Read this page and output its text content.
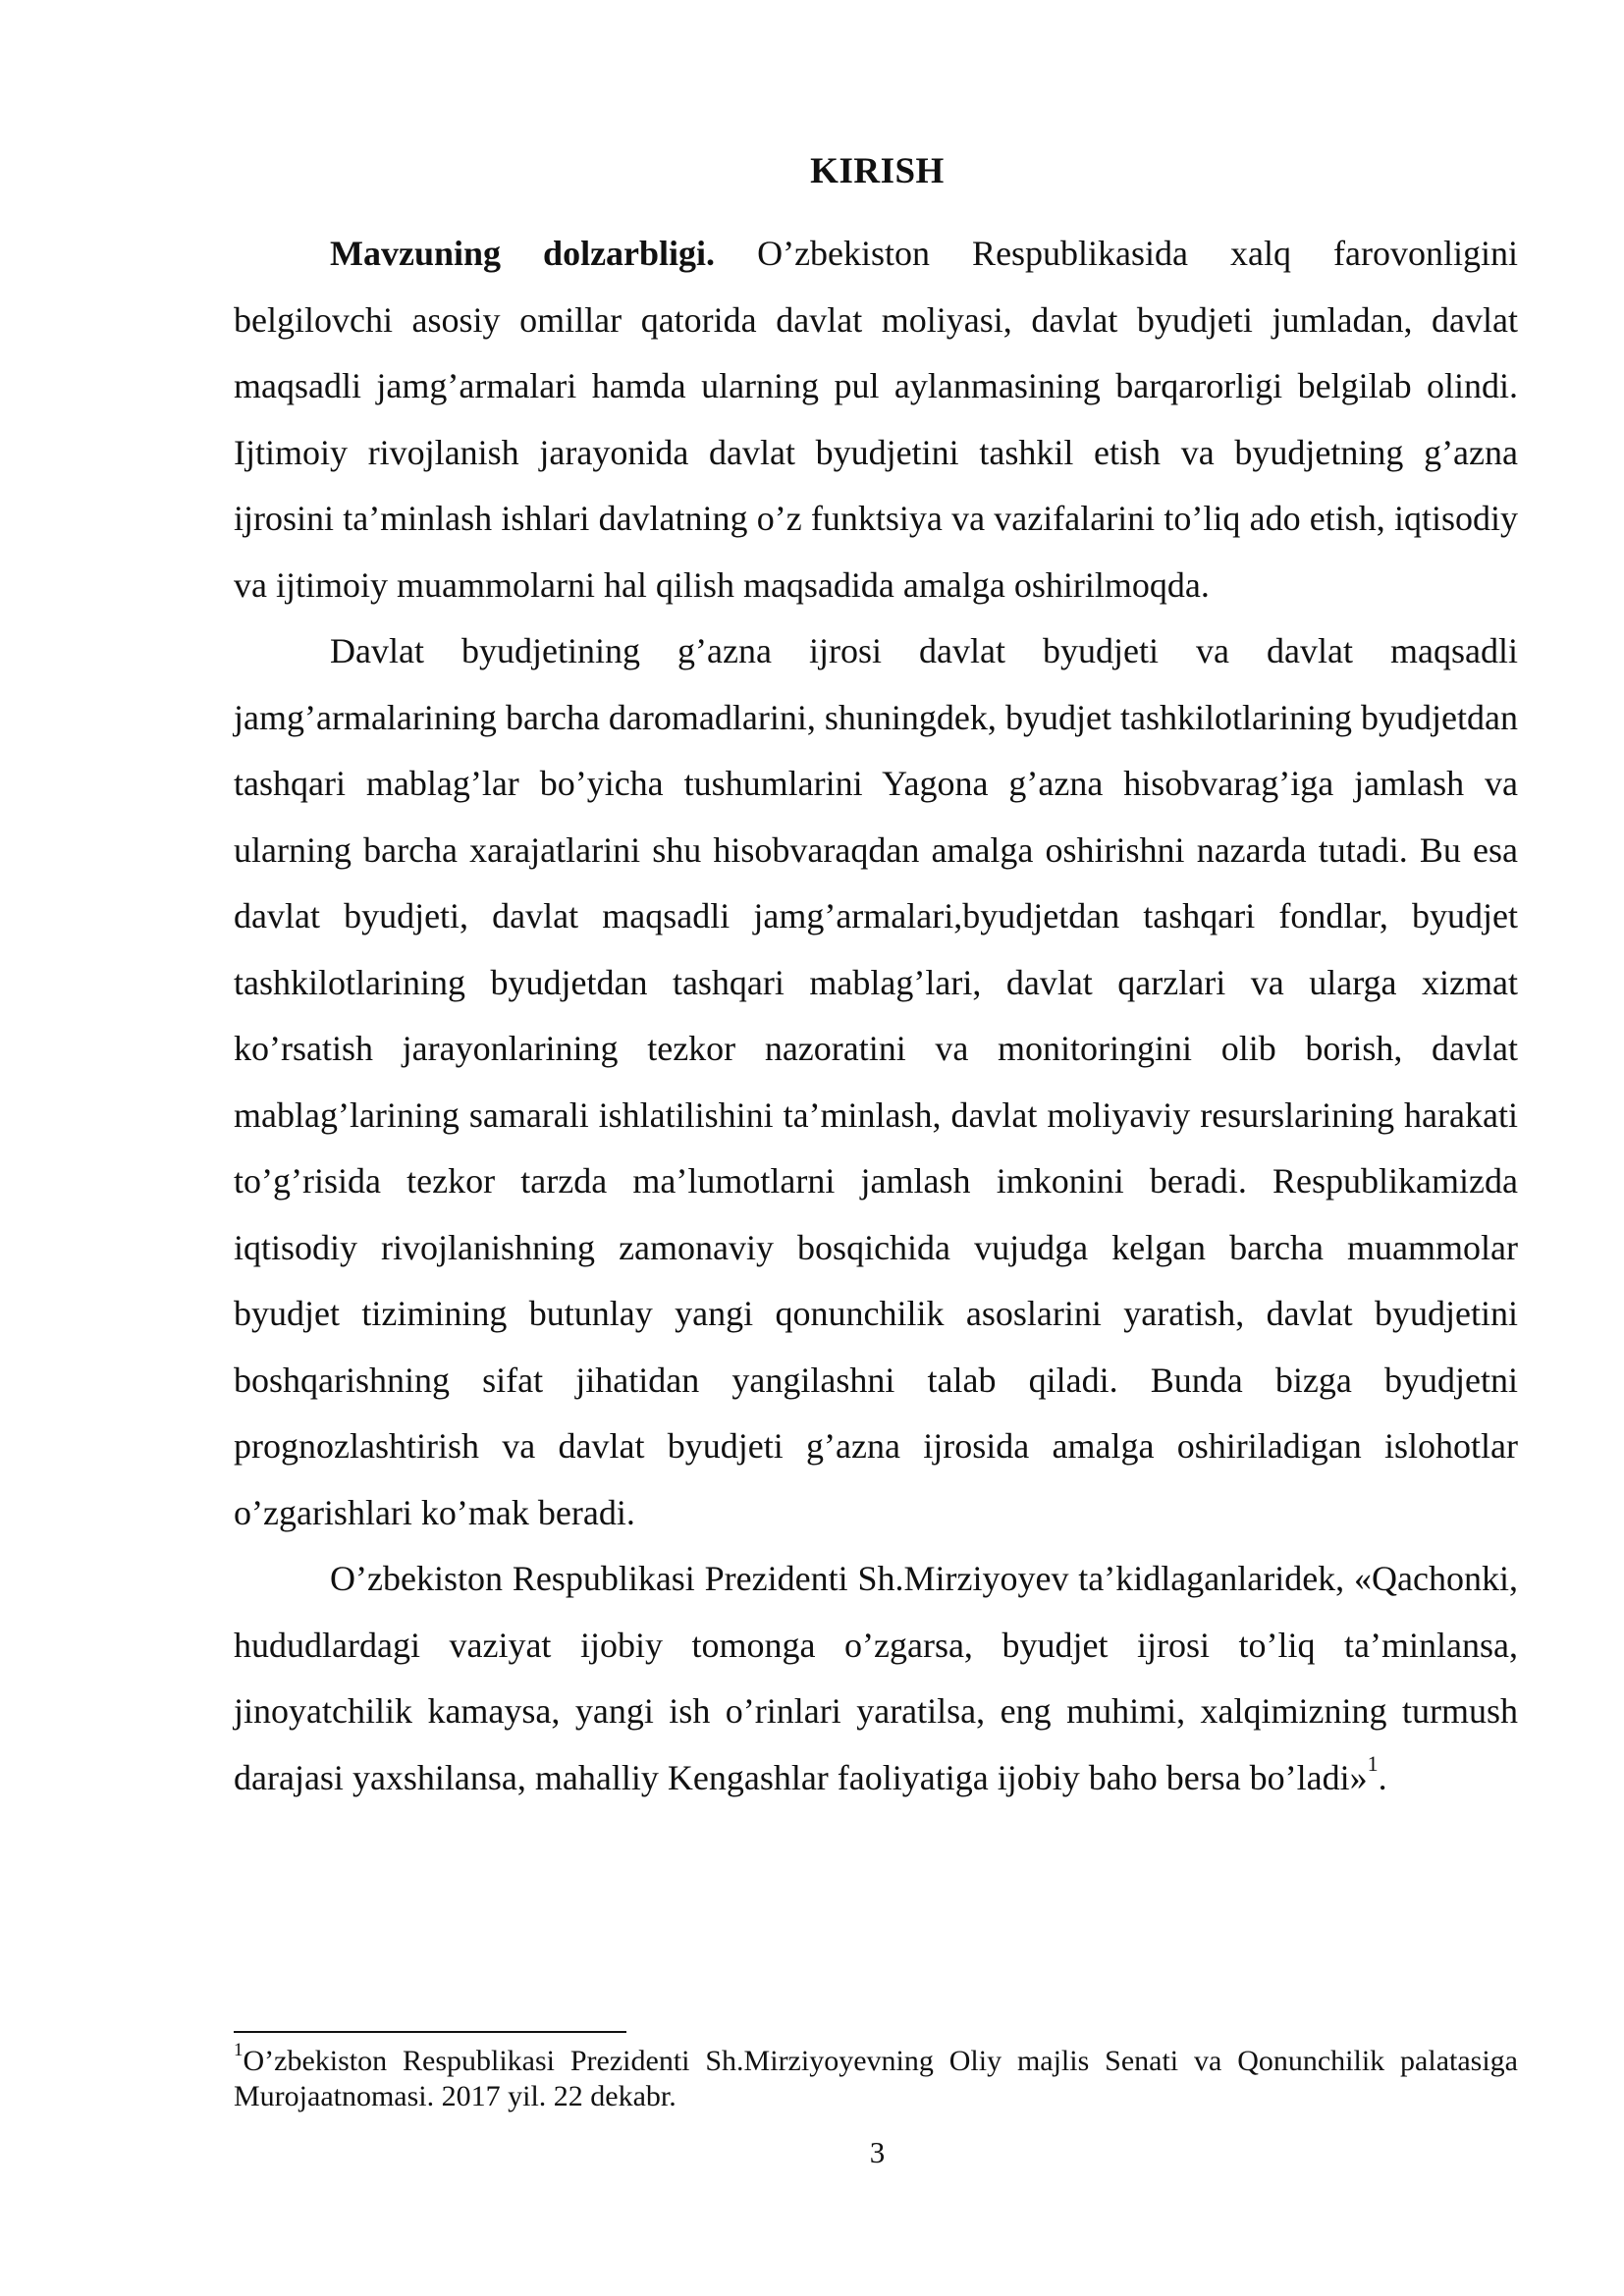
KIRISH

Mavzuning dolzarbligi. O’zbekiston Respublikasida xalq farovonligini belgilovchi asosiy omillar qatorida davlat moliyasi, davlat byudjeti jumladan, davlat maqsadli jamg’armalari hamda ularning pul aylanmasining barqarorligi belgilab olindi. Ijtimoiy rivojlanish jarayonida davlat byudjetini tashkil etish va byudjetning g’azna ijrosini ta’minlash ishlari davlatning o’z funktsiya va vazifalarini to’liq ado etish, iqtisodiy va ijtimoiy muammolarni hal qilish maqsadida amalga oshirilmoqda.

Davlat byudjetining g’azna ijrosi davlat byudjeti va davlat maqsadli jamg’armalarining barcha daromadlarini, shuningdek, byudjet tashkilotlarining byudjetdan tashqari mablag’lar bo’yicha tushumlarini Yagona g’azna hisobvarag’iga jamlash va ularning barcha xarajatlarini shu hisobvaraqdan amalga oshirishni nazarda tutadi. Bu esa davlat byudjeti, davlat maqsadli jamg’armalari,byudjetdan tashqari fondlar, byudjet tashkilotlarining byudjetdan tashqari mablag’lari, davlat qarzlari va ularga xizmat ko’rsatish jarayonlarining tezkor nazoratini va monitoringini olib borish, davlat mablag’larining samarali ishlatilishini ta’minlash, davlat moliyaviy resurslarining harakati to’g’risida tezkor tarzda ma’lumotlarni jamlash imkonini beradi. Respublikamizda iqtisodiy rivojlanishning zamonaviy bosqichida vujudga kelgan barcha muammolar byudjet tizimining butunlay yangi qonunchilik asoslarini yaratish, davlat byudjetini boshqarishning sifat jihatidan yangilashni talab qiladi. Bunda bizga byudjetni prognozlashtirish va davlat byudjeti g’azna ijrosida amalga oshiriladigan islohotlar o’zgarishlari ko’mak beradi.

O’zbekiston Respublikasi Prezidenti Sh.Mirziyoyev ta’kidlaganlaridek, «Qachonki, hududlardagi vaziyat ijobiy tomonga o’zgarsa, byudjet ijrosi to’liq ta’minlansa, jinoyatchilik kamaysa, yangi ish o’rinlari yaratilsa, eng muhimi, xalqimizning turmush darajasi yaxshilansa, mahalliy Kengashlar faoliyatiga ijobiy baho bersa bo’ladi»$^1$.

$^1$O’zbekiston Respublikasi Prezidenti Sh.Mirziyoyevning Oliy majlis Senati va Qonunchilik palatasiga Murojaatnomasi. 2017 yil. 22 dekabr.

3
